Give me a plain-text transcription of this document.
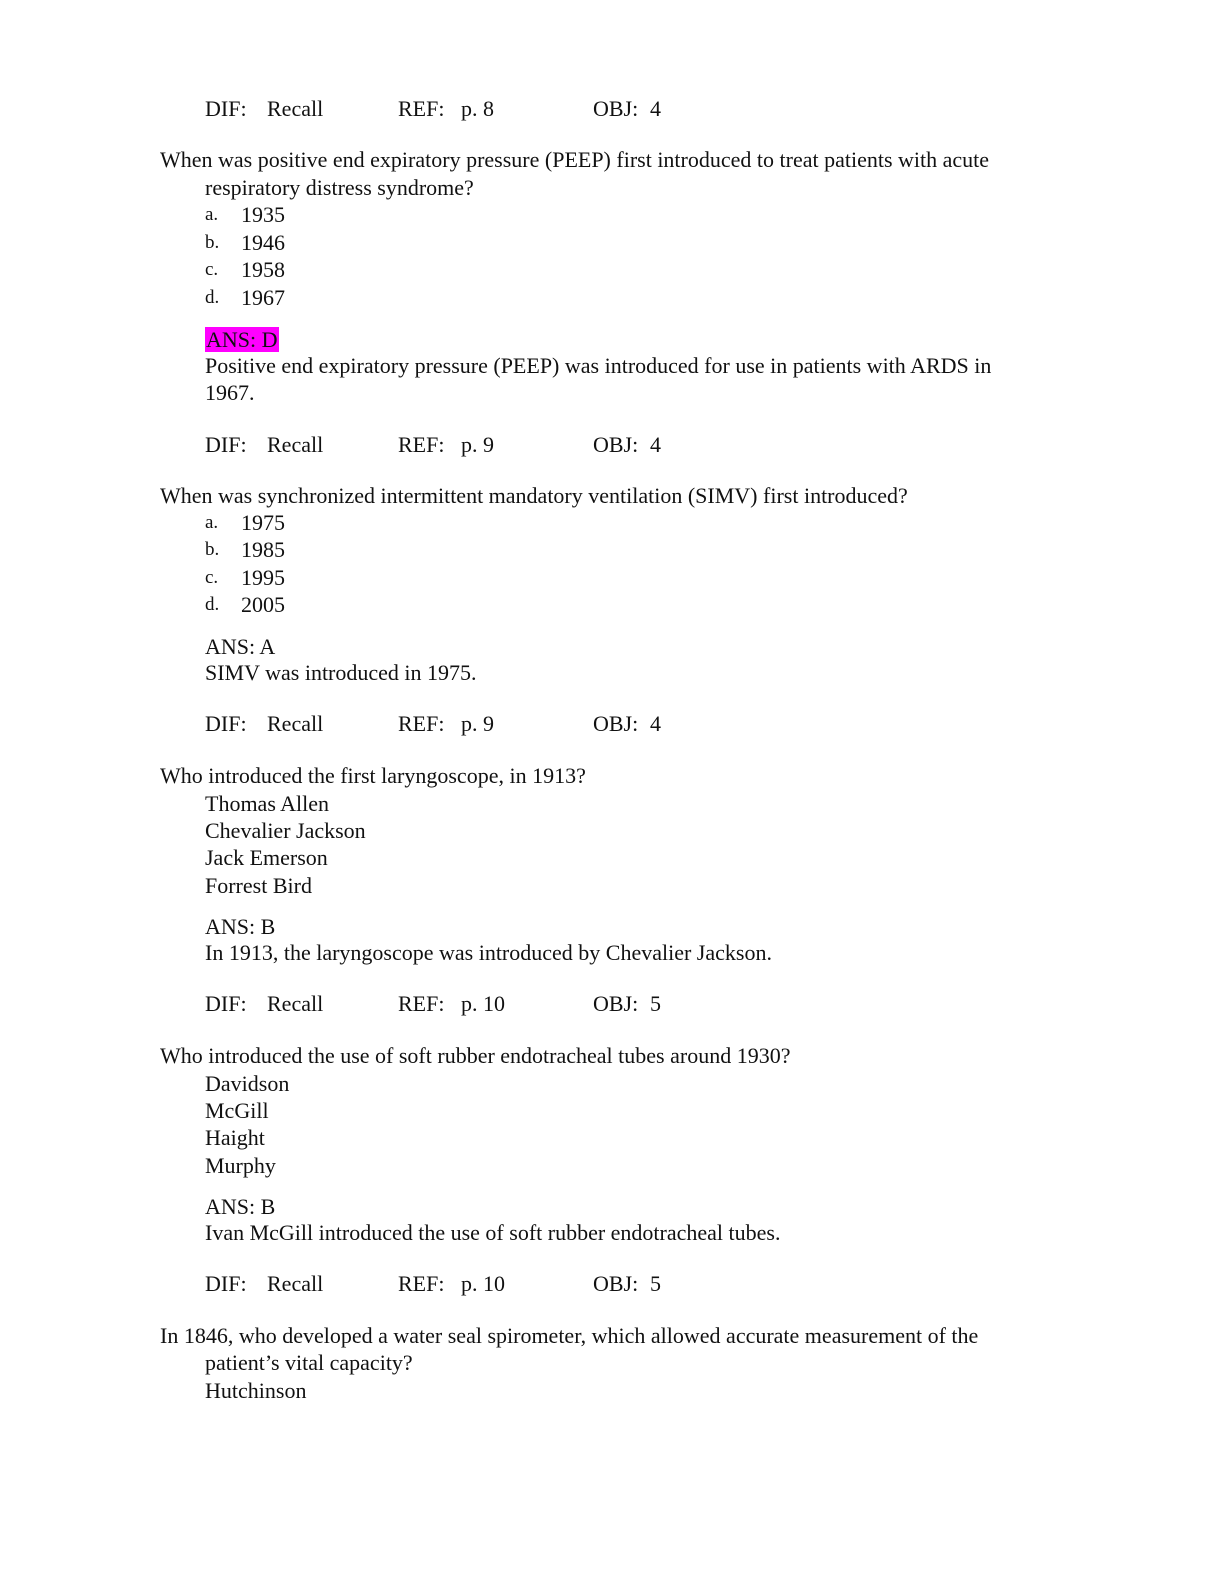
DIF: Recall	REF: p. 8	OBJ: 4
When was positive end expiratory pressure (PEEP) first introduced to treat patients with acute
respiratory distress syndrome?
a. 1935
b. 1946
c. 1958
d. 1967
ANS: D
Positive end expiratory pressure (PEEP) was introduced for use in patients with ARDS in
1967.
DIF: Recall	REF: p. 9	OBJ: 4
When was synchronized intermittent mandatory ventilation (SIMV) first introduced?
a. 1975
b. 1985
c. 1995
d. 2005
ANS: A
SIMV was introduced in 1975.
DIF: Recall	REF: p. 9	OBJ: 4
Who introduced the first laryngoscope, in 1913?
Thomas Allen
Chevalier Jackson
Jack Emerson
Forrest Bird
ANS: B
In 1913, the laryngoscope was introduced by Chevalier Jackson.
DIF: Recall	REF: p. 10	OBJ: 5
Who introduced the use of soft rubber endotracheal tubes around 1930?
Davidson
McGill
Haight
Murphy
ANS: B
Ivan McGill introduced the use of soft rubber endotracheal tubes.
DIF: Recall	REF: p. 10	OBJ: 5
In 1846, who developed a water seal spirometer, which allowed accurate measurement of the
patient’s vital capacity?
Hutchinson
